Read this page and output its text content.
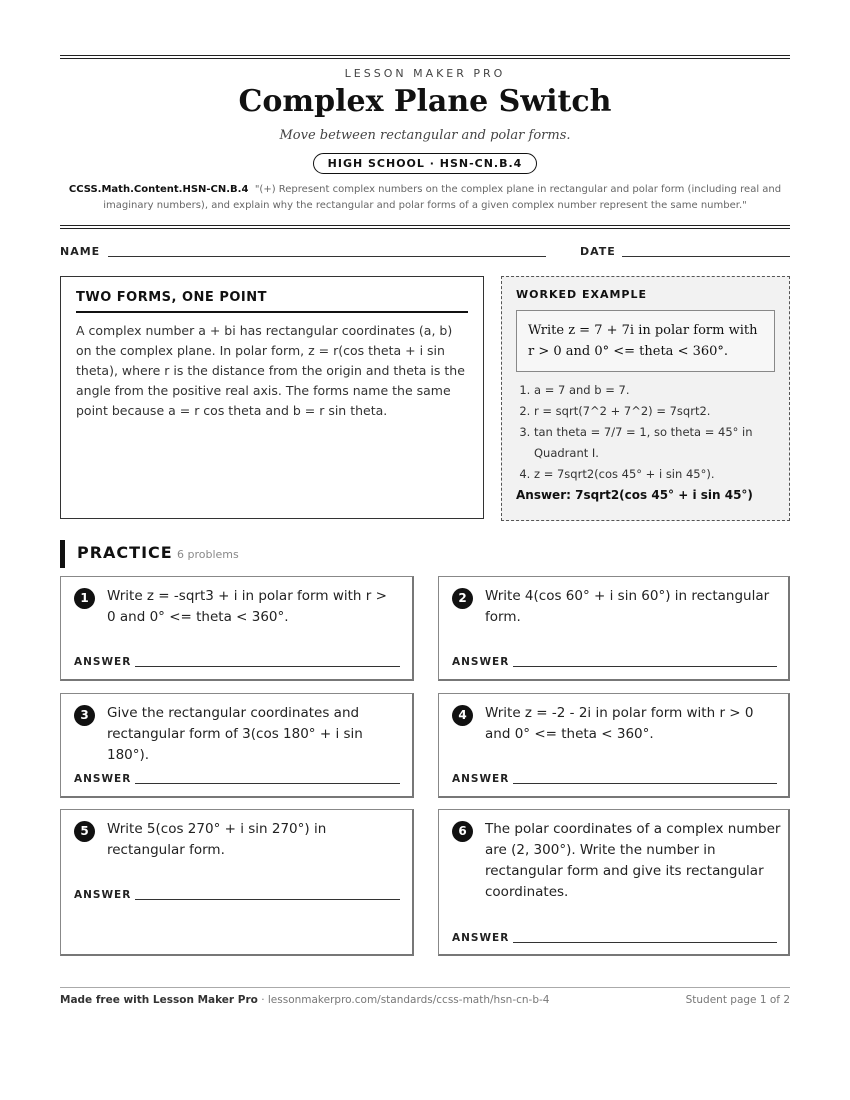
LESSON MAKER PRO
Complex Plane Switch
Move between rectangular and polar forms.
HIGH SCHOOL · HSN-CN.B.4
CCSS.Math.Content.HSN-CN.B.4 "(+) Represent complex numbers on the complex plane in rectangular and polar form (including real and imaginary numbers), and explain why the rectangular and polar forms of a given complex number represent the same number."
NAME	DATE
TWO FORMS, ONE POINT

A complex number a + bi has rectangular coordinates (a, b) on the complex plane. In polar form, z = r(cos theta + i sin theta), where r is the distance from the origin and theta is the angle from the positive real axis. The forms name the same point because a = r cos theta and b = r sin theta.

WORKED EXAMPLE
Write z = 7 + 7i in polar form with r > 0 and 0° <= theta < 360°.
1. a = 7 and b = 7.
2. r = sqrt(7^2 + 7^2) = 7sqrt2.
3. tan theta = 7/7 = 1, so theta = 45° in Quadrant I.
4. z = 7sqrt2(cos 45° + i sin 45°).
Answer: 7sqrt2(cos 45° + i sin 45°)
PRACTICE 6 problems
1	Write z = -sqrt3 + i in polar form with r > 0 and 0° <= theta < 360°.
ANSWER
2	Write 4(cos 60° + i sin 60°) in rectangular form.
ANSWER
3	Give the rectangular coordinates and rectangular form of 3(cos 180° + i sin 180°).
ANSWER
4	Write z = -2 - 2i in polar form with r > 0 and 0° <= theta < 360°.
ANSWER
5	Write 5(cos 270° + i sin 270°) in rectangular form.
ANSWER
6	The polar coordinates of a complex number are (2, 300°). Write the number in rectangular form and give its rectangular coordinates.
ANSWER
Made free with Lesson Maker Pro · lessonmakerpro.com/standards/ccss-math/hsn-cn-b-4	Student page 1 of 2
